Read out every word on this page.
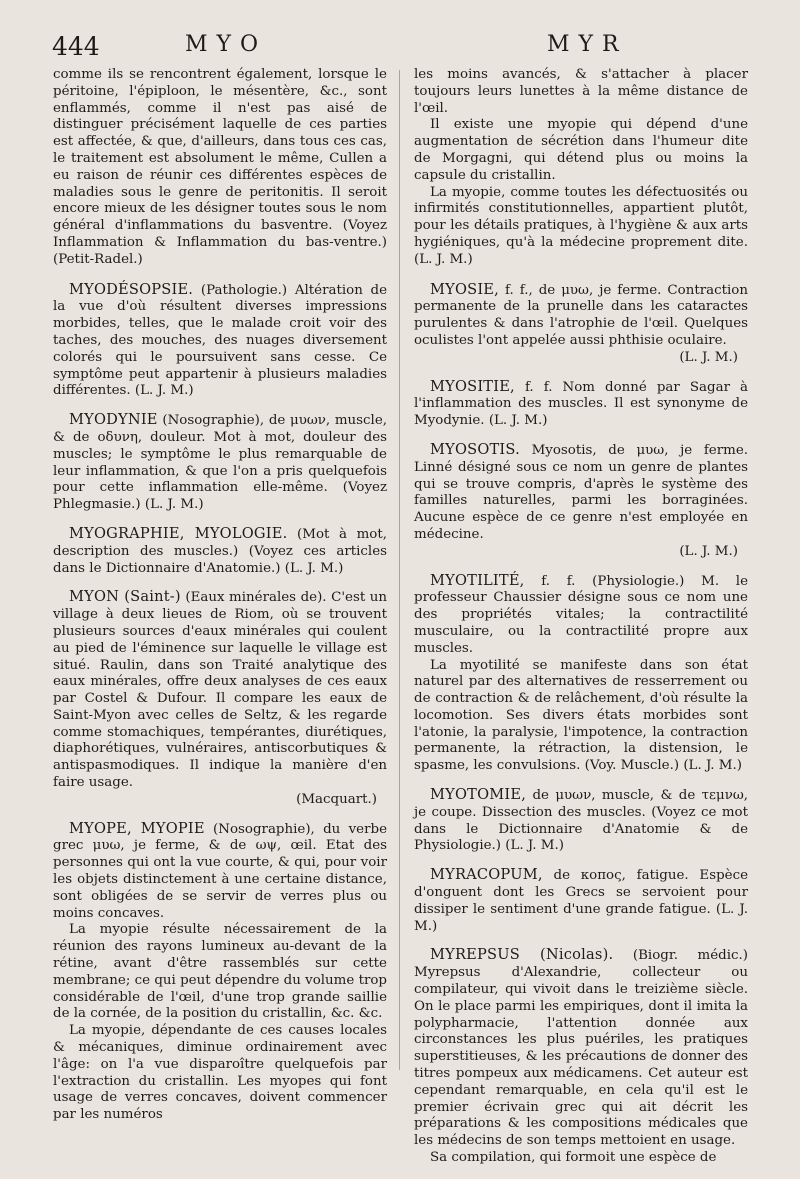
444	MYO	MYR

comme ils se rencontrent également, lorsque le péritoine, l'épiploon, le mésentère, &c., sont enflammés, comme il n'est pas aisé de distinguer précisément laquelle de ces parties est affectée, & que, d'ailleurs, dans tous ces cas, le traitement est absolument le même, Cullen a eu raison de réunir ces différentes espèces de maladies sous le genre de peritonitis. Il seroit encore mieux de les désigner toutes sous le nom général d'inflammations du basventre. (Voyez Inflammation & Inflammation du bas-ventre.) (Petit-Radel.)

MYODÉSOPSIE. (Pathologie.) Altération de la vue d'où résultent diverses impressions morbides, telles, que le malade croit voir des taches, des mouches, des nuages diversement colorés qui le poursuivent sans cesse. Ce symptôme peut appartenir à plusieurs maladies différentes. (L. J. M.)

MYODYNIE (Nosographie), de μυων, muscle, & de οδυνη, douleur. Mot à mot, douleur des muscles; le symptôme le plus remarquable de leur inflammation, & que l'on a pris quelquefois pour cette inflammation elle-même. (Voyez Phlegmasie.) (L. J. M.)

MYOGRAPHIE, MYOLOGIE. (Mot à mot, description des muscles.) (Voyez ces articles dans le Dictionnaire d'Anatomie.) (L. J. M.)

MYON (Saint-) (Eaux minérales de). C'est un village à deux lieues de Riom, où se trouvent plusieurs sources d'eaux minérales qui coulent au pied de l'éminence sur laquelle le village est situé. Raulin, dans son Traité analytique des eaux minérales, offre deux analyses de ces eaux par Costel & Dufour. Il compare les eaux de Saint-Myon avec celles de Seltz, & les regarde comme stomachiques, tempérantes, diurétiques, diaphorétiques, vulnéraires, antiscorbutiques & antispasmodiques. Il indique la manière d'en faire usage.

(Macquart.)

MYOPE, MYOPIE (Nosographie), du verbe grec μυω, je ferme, & de ωψ, œil. Etat des personnes qui ont la vue courte, & qui, pour voir les objets distinctement à une certaine distance, sont obligées de se servir de verres plus ou moins concaves.

La myopie résulte nécessairement de la réunion des rayons lumineux au-devant de la rétine, avant d'être rassemblés sur cette membrane; ce qui peut dépendre du volume trop considérable de l'œil, d'une trop grande saillie de la cornée, de la position du cristallin, &c. &c.

La myopie, dépendante de ces causes locales & mécaniques, diminue ordinairement avec l'âge: on l'a vue disparoître quelquefois par l'extraction du cristallin. Les myopes qui font usage de verres concaves, doivent commencer par les numéros

les moins avancés, & s'attacher à placer toujours leurs lunettes à la même distance de l'œil.

Il existe une myopie qui dépend d'une augmentation de sécrétion dans l'humeur dite de Morgagni, qui détend plus ou moins la capsule du cristallin.

La myopie, comme toutes les défectuosités ou infirmités constitutionnelles, appartient plutôt, pour les détails pratiques, à l'hygiène & aux arts hygiéniques, qu'à la médecine proprement dite. (L. J. M.)

MYOSIE, f. f., de μυω, je ferme. Contraction permanente de la prunelle dans les cataractes purulentes & dans l'atrophie de l'œil. Quelques oculistes l'ont appelée aussi phthisie oculaire.

(L. J. M.)

MYOSITIE, f. f. Nom donné par Sagar à l'inflammation des muscles. Il est synonyme de Myodynie. (L. J. M.)

MYOSOTIS. Myosotis, de μυω, je ferme. Linné désigné sous ce nom un genre de plantes qui se trouve compris, d'après le système des familles naturelles, parmi les borraginées. Aucune espèce de ce genre n'est employée en médecine.

(L. J. M.)

MYOTILITÉ, f. f. (Physiologie.) M. le professeur Chaussier désigne sous ce nom une des propriétés vitales; la contractilité musculaire, ou la contractilité propre aux muscles.

La myotilité se manifeste dans son état naturel par des alternatives de resserrement ou de contraction & de relâchement, d'où résulte la locomotion. Ses divers états morbides sont l'atonie, la paralysie, l'impotence, la contraction permanente, la rétraction, la distension, le spasme, les convulsions. (Voy. Muscle.) (L. J. M.)

MYOTOMIE, de μυων, muscle, & de τεμνω, je coupe. Dissection des muscles. (Voyez ce mot dans le Dictionnaire d'Anatomie & de Physiologie.) (L. J. M.)

MYRACOPUM, de κοπος, fatigue. Espèce d'onguent dont les Grecs se servoient pour dissiper le sentiment d'une grande fatigue. (L. J. M.)

MYREPSUS (Nicolas). (Biogr. médic.) Myrepsus d'Alexandrie, collecteur ou compilateur, qui vivoit dans le treizième siècle. On le place parmi les empiriques, dont il imita la polypharmacie, l'attention donnée aux circonstances les plus puériles, les pratiques superstitieuses, & les précautions de donner des titres pompeux aux médicamens. Cet auteur est cependant remarquable, en cela qu'il est le premier écrivain grec qui ait décrit les préparations & les compositions médicales que les médecins de son temps mettoient en usage.

Sa compilation, qui formoit une espèce de
